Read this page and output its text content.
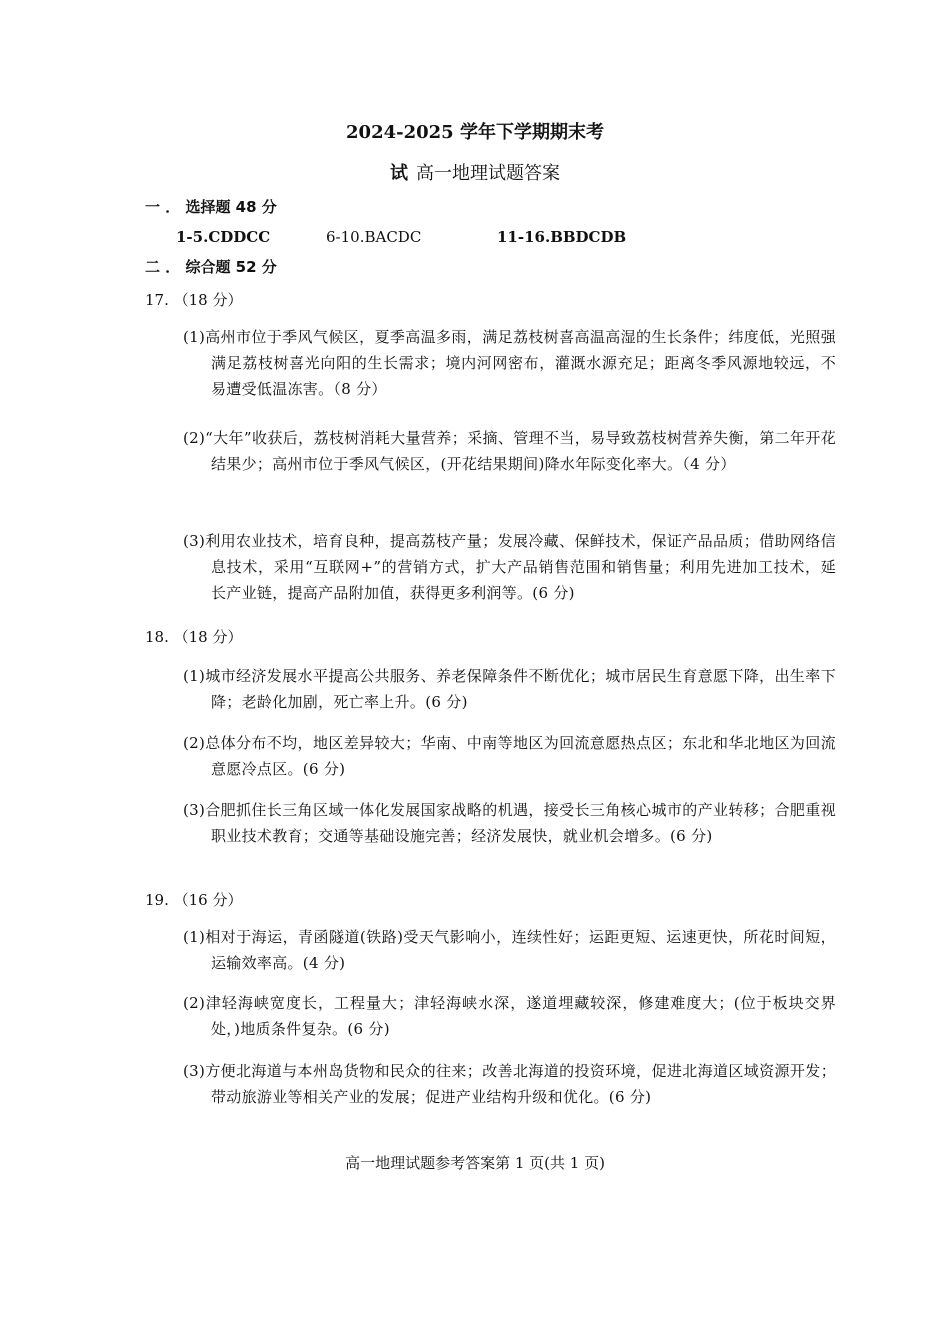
2024-2025 学年下学期期末考
试 高一地理试题答案
一 ． 选择题 48 分
1-5.CDDCC	6-10.BACDC	11-16.BBDCDB
二 ． 综合题 52 分
17. （18 分）
(1)高州市位于季风气候区，夏季高温多雨，满足荔枝树喜高温高湿的生长条件；纬度低，光照强满足荔枝树喜光向阳的生长需求；境内河网密布，灌溉水源充足；距离冬季风源地较远，不易遭受低温冻害。（8 分）
(2)“大年”收获后，荔枝树消耗大量营养；采摘、管理不当，易导致荔枝树营养失衡，第二年开花结果少；高州市位于季风气候区，(开花结果期间)降水年际变化率大。（4 分）
(3)利用农业技术，培育良种，提高荔枝产量；发展冷藏、保鲜技术，保证产品品质；借助网络信息技术，采用“互联网+”的营销方式，扩大产品销售范围和销售量；利用先进加工技术，延长产业链，提高产品附加值，获得更多利润等。(6 分)
18. （18 分）
(1)城市经济发展水平提高公共服务、养老保障条件不断优化；城市居民生育意愿下降，出生率下降；老龄化加剧，死亡率上升。(6 分)
(2)总体分布不均，地区差异较大；华南、中南等地区为回流意愿热点区；东北和华北地区为回流意愿冷点区。(6 分)
(3)合肥抓住长三角区域一体化发展国家战略的机遇，接受长三角核心城市的产业转移；合肥重视职业技术教育；交通等基础设施完善；经济发展快，就业机会增多。(6 分)
19. （16 分）
(1)相对于海运，青函隧道(铁路)受天气影响小，连续性好；运距更短、运速更快，所花时间短，运输效率高。(4 分)
(2)津轻海峡宽度长，工程量大；津轻海峡水深，遂道埋藏较深，修建难度大；(位于板块交界处，)地质条件复杂。(6 分)
(3)方便北海道与本州岛货物和民众的往来；改善北海道的投资环境，促进北海道区域资源开发；带动旅游业等相关产业的发展；促进产业结构升级和优化。(6 分)
高一地理试题参考答案第 1 页(共 1 页)
